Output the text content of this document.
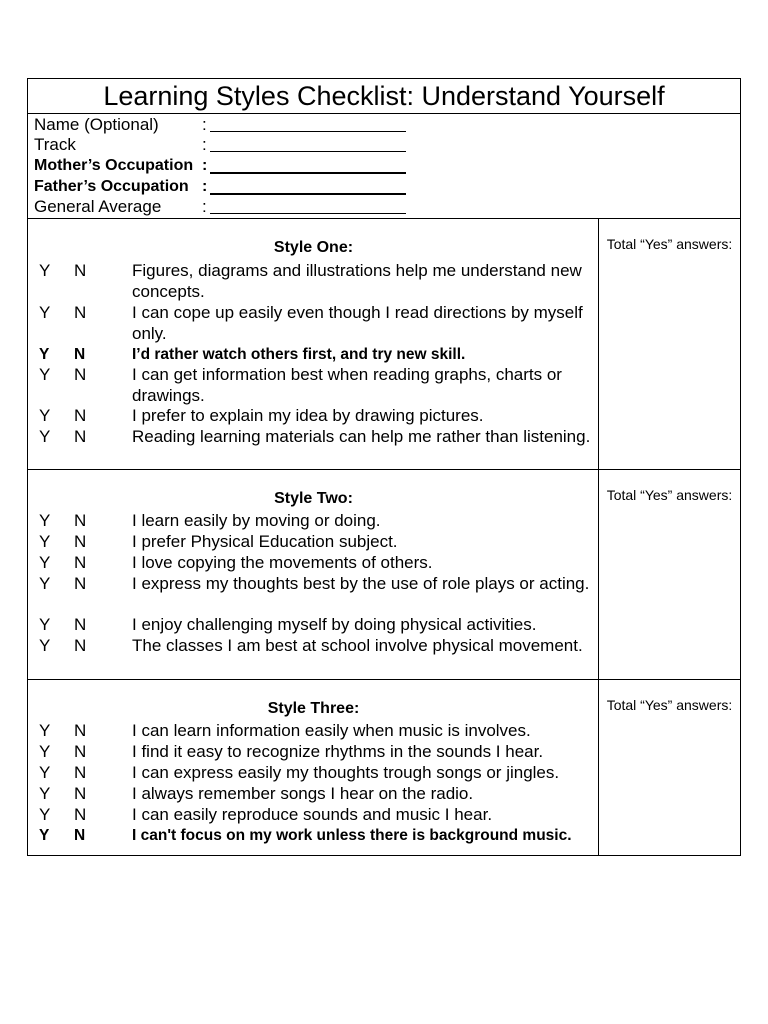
Learning Styles Checklist: Understand Yourself
Name (Optional)	:
Track	:
Mother’s Occupation :
Father’s Occupation :
General Average :
Style One:
Y N	Figures, diagrams and illustrations help me understand new concepts.
Y N	I can cope up easily even though I read directions by myself only.
Y N	I’d rather watch others first, and try new skill.
Y N	I can get information best when reading graphs, charts or drawings.
Y N	I prefer to explain my idea by drawing pictures.
Y N	Reading learning materials can help me rather than listening.
Total “Yes” answers:
Style Two:
Y N	I learn easily by moving or doing.
Y N	I prefer Physical Education subject.
Y N	I love copying the movements of others.
Y N	I express my thoughts best by the use of role plays or acting.
Y N	I enjoy challenging myself by doing physical activities.
Y N	The classes I am best at school involve physical movement.
Total “Yes” answers:
Style Three:
Y N	I can learn information easily when music is involves.
Y N	I find it easy to recognize rhythms in the sounds I hear.
Y N	I can express easily my thoughts trough songs or jingles.
Y N	I always remember songs I hear on the radio.
Y N	I can easily reproduce sounds and music I hear.
Y N	I can't focus on my work unless there is background music.
Total “Yes” answers:
